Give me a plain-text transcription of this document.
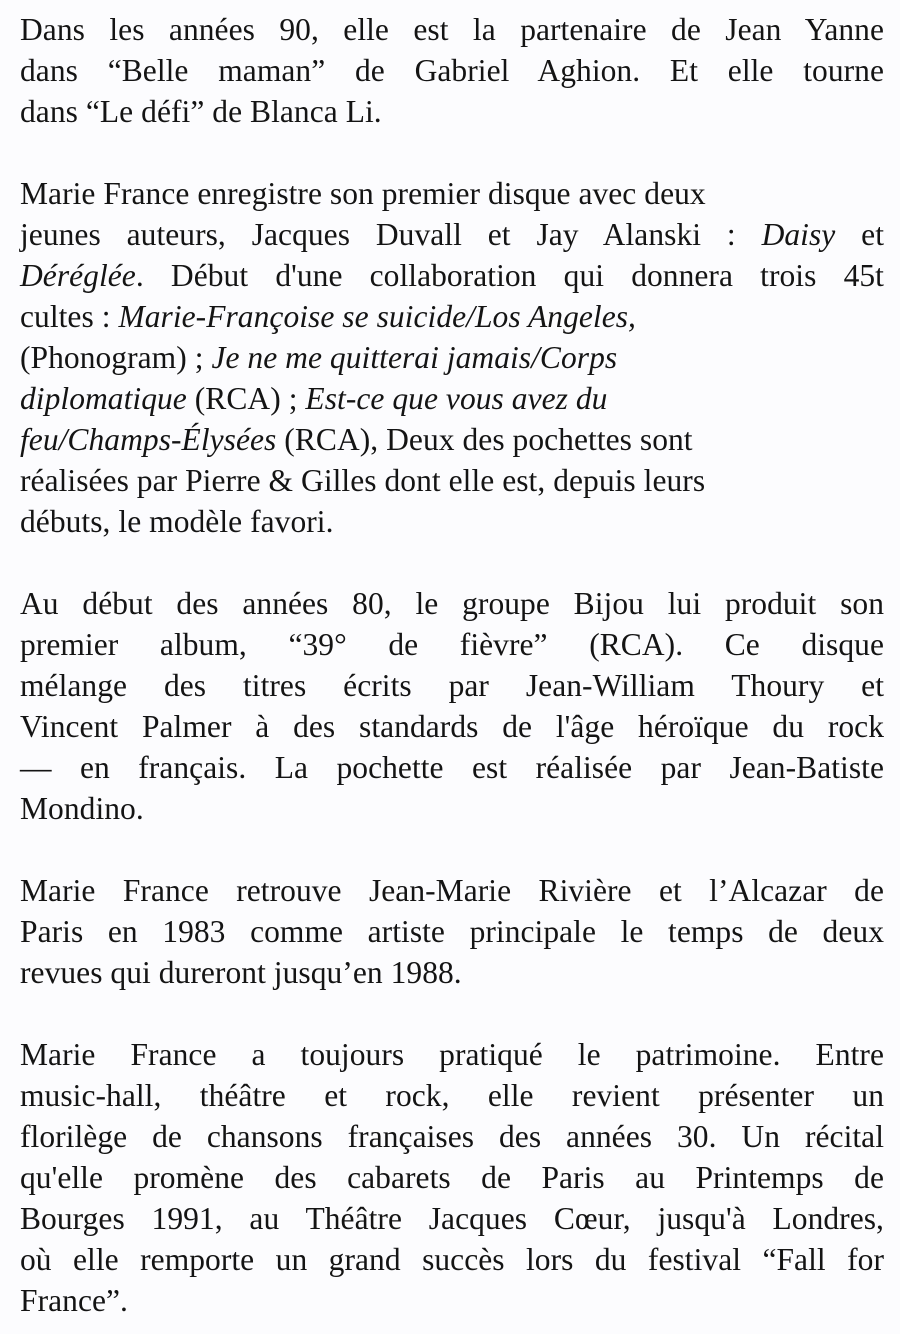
Dans les années 90, elle est la partenaire de Jean Yanne
dans “Belle maman” de Gabriel Aghion. Et elle tourne
dans “Le défi” de Blanca Li.
Marie France enregistre son premier disque avec deux
jeunes auteurs, Jacques Duvall et Jay Alanski : Daisy et
Déréglée. Début d'une collaboration qui donnera trois 45t
cultes : Marie-Françoise se suicide/Los Angeles,
(Phonogram) ; Je ne me quitterai jamais/Corps
diplomatique (RCA) ; Est-ce que vous avez du
feu/Champs-Élysées (RCA), Deux des pochettes sont
réalisées par Pierre & Gilles dont elle est, depuis leurs
débuts, le modèle favori.
Au début des années 80, le groupe Bijou lui produit son
premier album, “39° de fièvre” (RCA). Ce disque
mélange des titres écrits par Jean-William Thoury et
Vincent Palmer à des standards de l'âge héroïque du rock
— en français. La pochette est réalisée par Jean-Batiste
Mondino.
Marie France retrouve Jean-Marie Rivière et l’Alcazar de
Paris en 1983 comme artiste principale le temps de deux
revues qui dureront jusqu’en 1988.
Marie France a toujours pratiqué le patrimoine. Entre
music-hall, théâtre et rock, elle revient présenter un
florilège de chansons françaises des années 30. Un récital
qu'elle promène des cabarets de Paris au Printemps de
Bourges 1991, au Théâtre Jacques Cœur, jusqu'à Londres,
où elle remporte un grand succès lors du festival “Fall for
France”.
